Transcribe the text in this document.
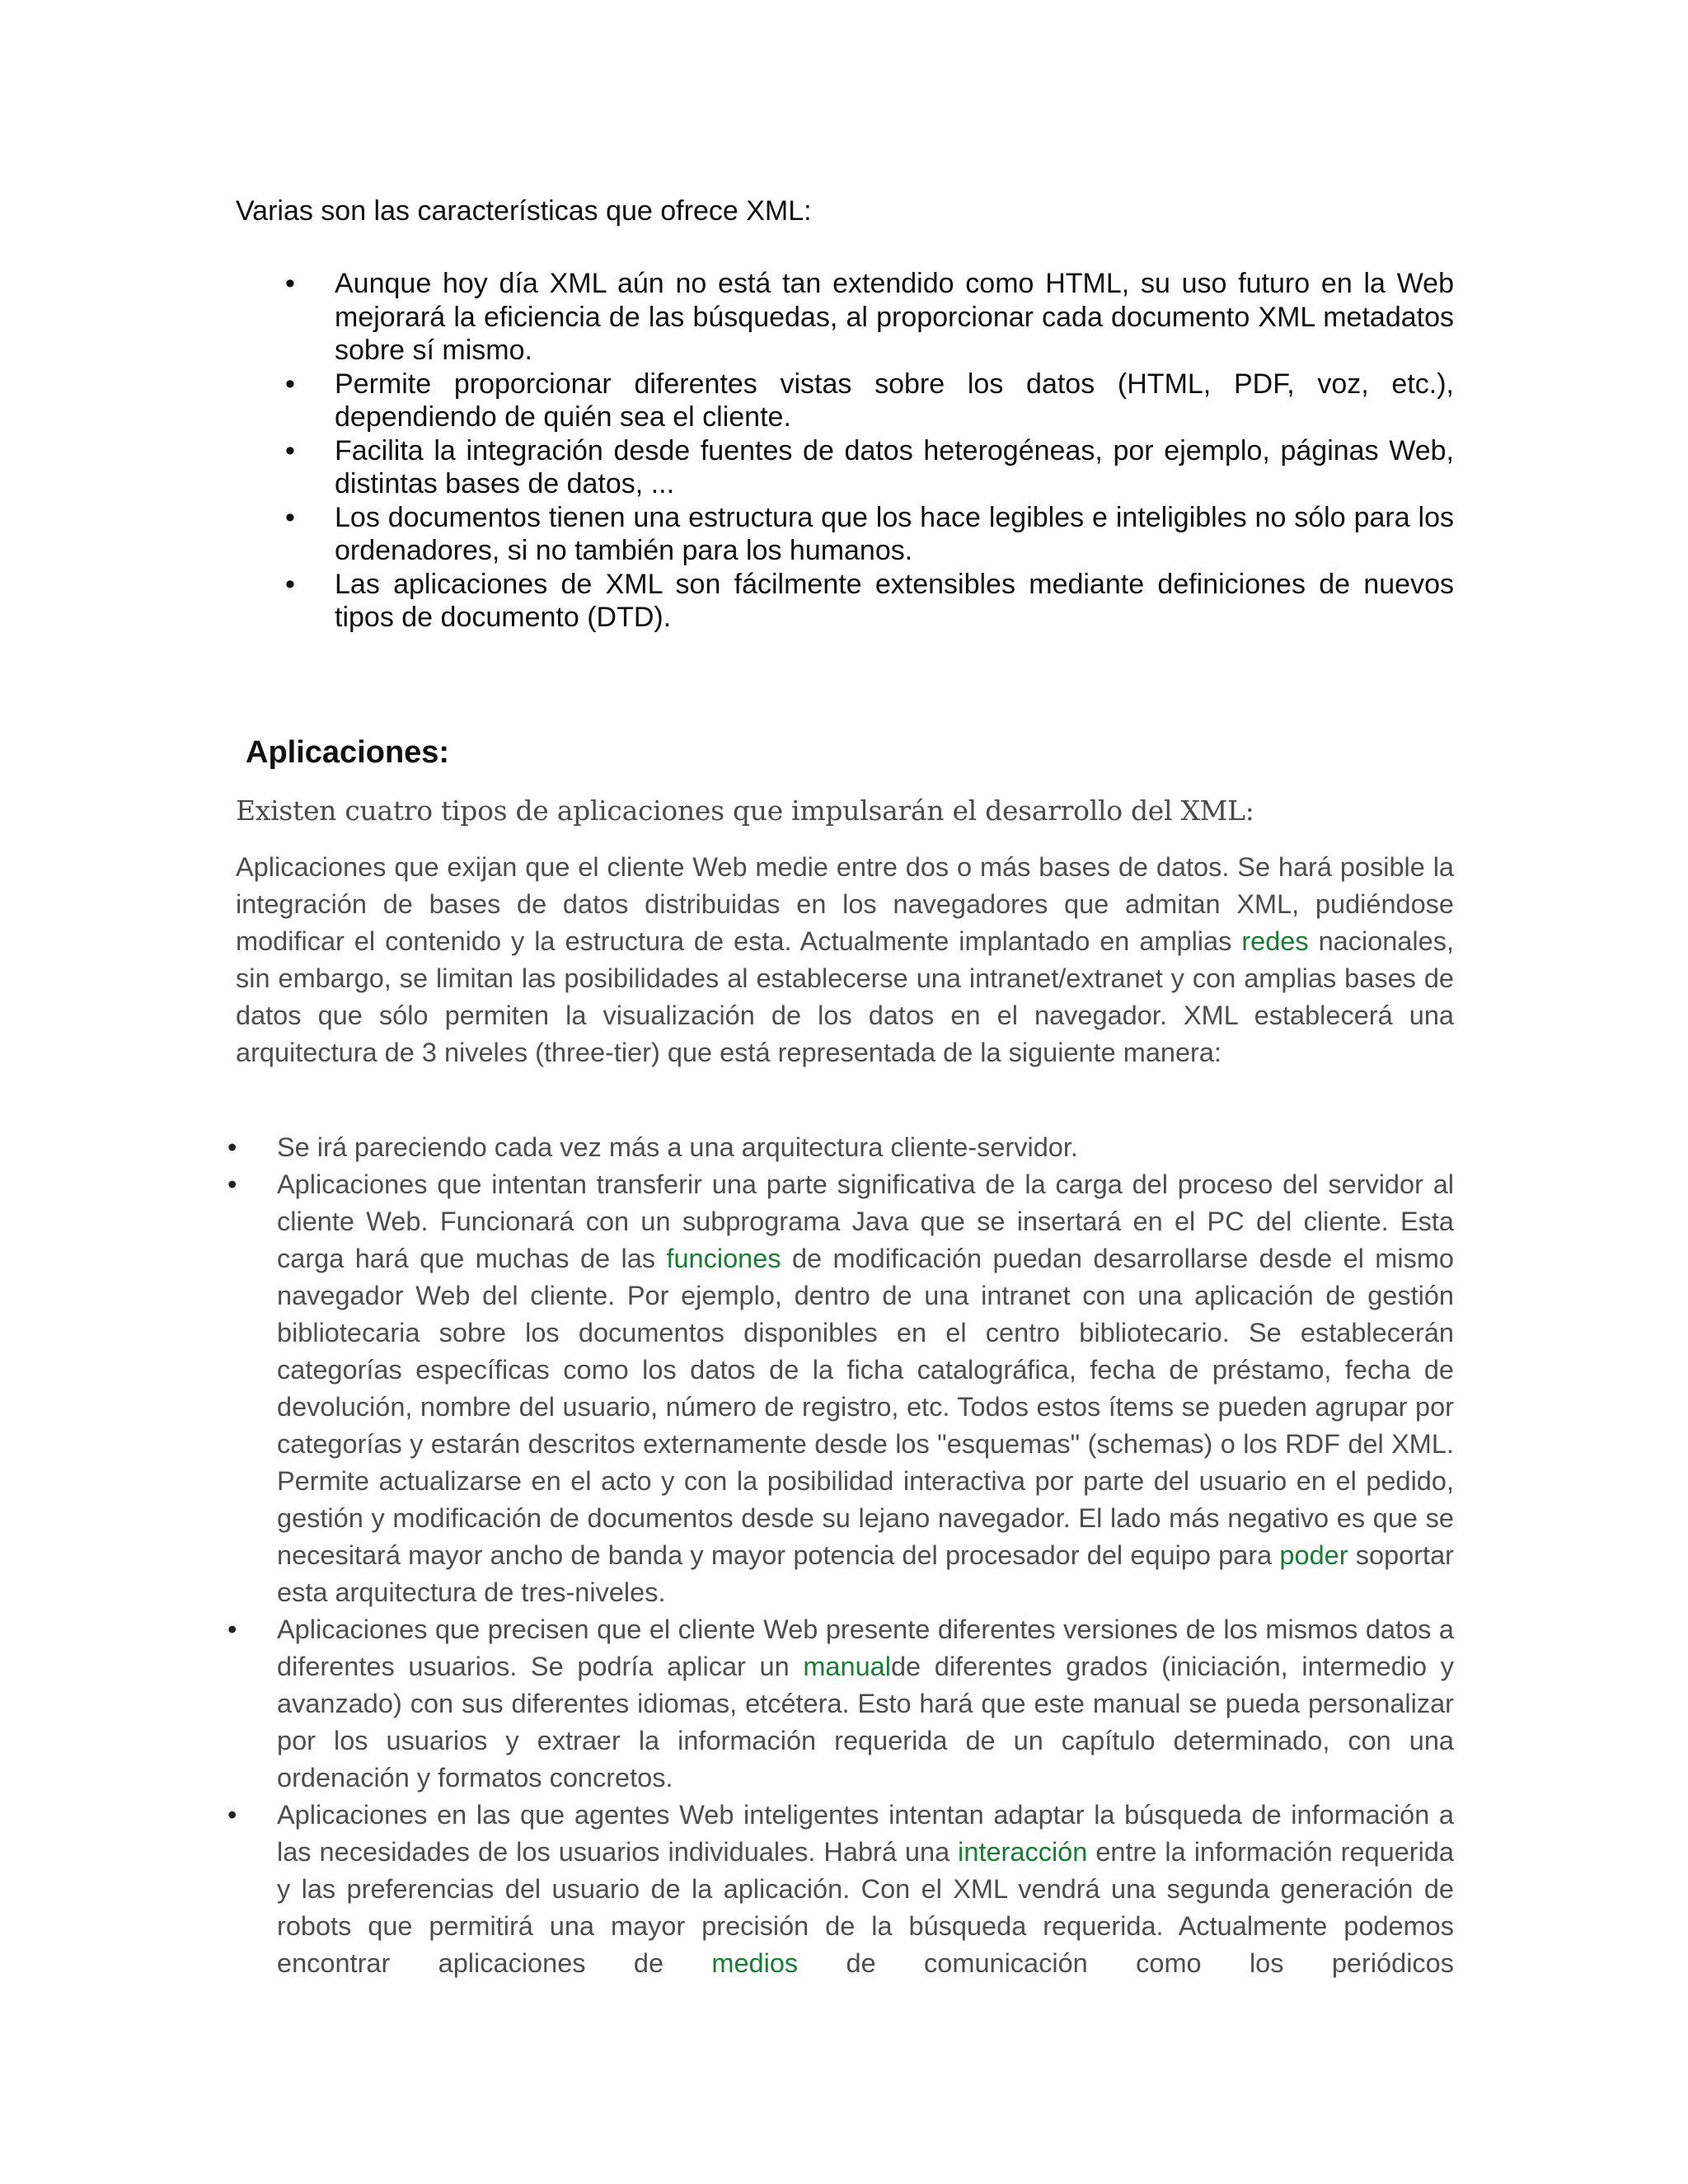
Varias son las características que ofrece XML:

•	Aunque hoy día XML aún no está tan extendido como HTML, su uso futuro en la Web mejorará la eficiencia de las búsquedas, al proporcionar cada documento XML metadatos sobre sí mismo.
•	Permite proporcionar diferentes vistas sobre los datos (HTML, PDF, voz, etc.), dependiendo de quién sea el cliente.
•	Facilita la integración desde fuentes de datos heterogéneas, por ejemplo, páginas Web, distintas bases de datos, ...
•	Los documentos tienen una estructura que los hace legibles e inteligibles no sólo para los ordenadores, si no también para los humanos.
•	Las aplicaciones de XML son fácilmente extensibles mediante definiciones de nuevos tipos de documento (DTD).
Aplicaciones:

Existen cuatro tipos de aplicaciones que impulsarán el desarrollo del XML:

Aplicaciones que exijan que el cliente Web medie entre dos o más bases de datos. Se hará posible la integración de bases de datos distribuidas en los navegadores que admitan XML, pudiéndose modificar el contenido y la estructura de esta. Actualmente implantado en amplias redes nacionales, sin embargo, se limitan las posibilidades al establecerse una intranet/extranet y con amplias bases de datos que sólo permiten la visualización de los datos en el navegador. XML establecerá una arquitectura de 3 niveles (three-tier) que está representada de la siguiente manera:

•	Se irá pareciendo cada vez más a una arquitectura cliente-servidor.
•	Aplicaciones que intentan transferir una parte significativa de la carga del proceso del servidor al cliente Web. Funcionará con un subprograma Java que se insertará en el PC del cliente. Esta carga hará que muchas de las funciones de modificación puedan desarrollarse desde el mismo navegador Web del cliente. Por ejemplo, dentro de una intranet con una aplicación de gestión bibliotecaria sobre los documentos disponibles en el centro bibliotecario. Se establecerán categorías específicas como los datos de la ficha catalográfica, fecha de préstamo, fecha de devolución, nombre del usuario, número de registro, etc. Todos estos ítems se pueden agrupar por categorías y estarán descritos externamente desde los "esquemas" (schemas) o los RDF del XML. Permite actualizarse en el acto y con la posibilidad interactiva por parte del usuario en el pedido, gestión y modificación de documentos desde su lejano navegador. El lado más negativo es que se necesitará mayor ancho de banda y mayor potencia del procesador del equipo para poder soportar esta arquitectura de tres-niveles.
•	Aplicaciones que precisen que el cliente Web presente diferentes versiones de los mismos datos a diferentes usuarios. Se podría aplicar un manualde diferentes grados (iniciación, intermedio y avanzado) con sus diferentes idiomas, etcétera. Esto hará que este manual se pueda personalizar por los usuarios y extraer la información requerida de un capítulo determinado, con una ordenación y formatos concretos.
•	Aplicaciones en las que agentes Web inteligentes intentan adaptar la búsqueda de información a las necesidades de los usuarios individuales. Habrá una interacción entre la información requerida y las preferencias del usuario de la aplicación. Con el XML vendrá una segunda generación de robots que permitirá una mayor precisión de la búsqueda requerida. Actualmente podemos encontrar aplicaciones de medios de comunicación como los periódicos
